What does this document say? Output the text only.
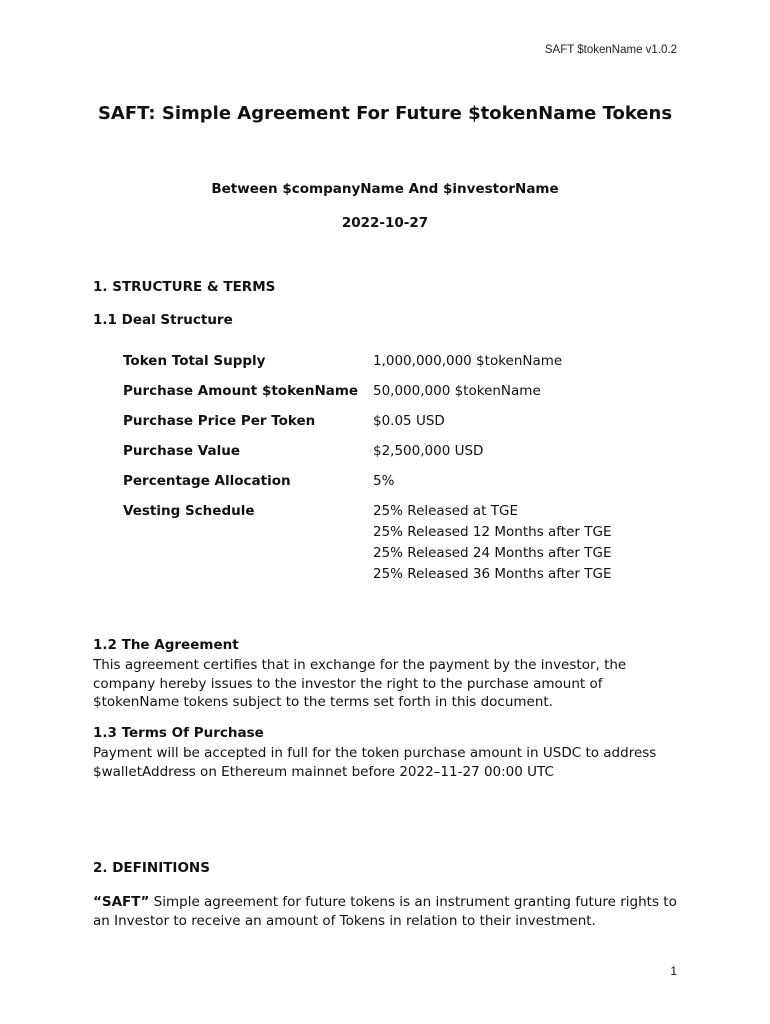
SAFT $tokenName v1.0.2
SAFT: Simple Agreement For Future $tokenName Tokens
Between $companyName And $investorName
2022-10-27
1. STRUCTURE & TERMS
1.1 Deal Structure
Token Total Supply	1,000,000,000 $tokenName
Purchase Amount $tokenName	50,000,000 $tokenName
Purchase Price Per Token	$0.05 USD
Purchase Value	$2,500,000 USD
Percentage Allocation	5%
Vesting Schedule	25% Released at TGE
25% Released 12 Months after TGE
25% Released 24 Months after TGE
25% Released 36 Months after TGE
1.2 The Agreement
This agreement certifies that in exchange for the payment by the investor, the company hereby issues to the investor the right to the purchase amount of $tokenName tokens subject to the terms set forth in this document.
1.3 Terms Of Purchase
Payment will be accepted in full for the token purchase amount in USDC to address $walletAddress on Ethereum mainnet before 2022–11-27 00:00 UTC
2. DEFINITIONS
“SAFT” Simple agreement for future tokens is an instrument granting future rights to an Investor to receive an amount of Tokens in relation to their investment.
1
